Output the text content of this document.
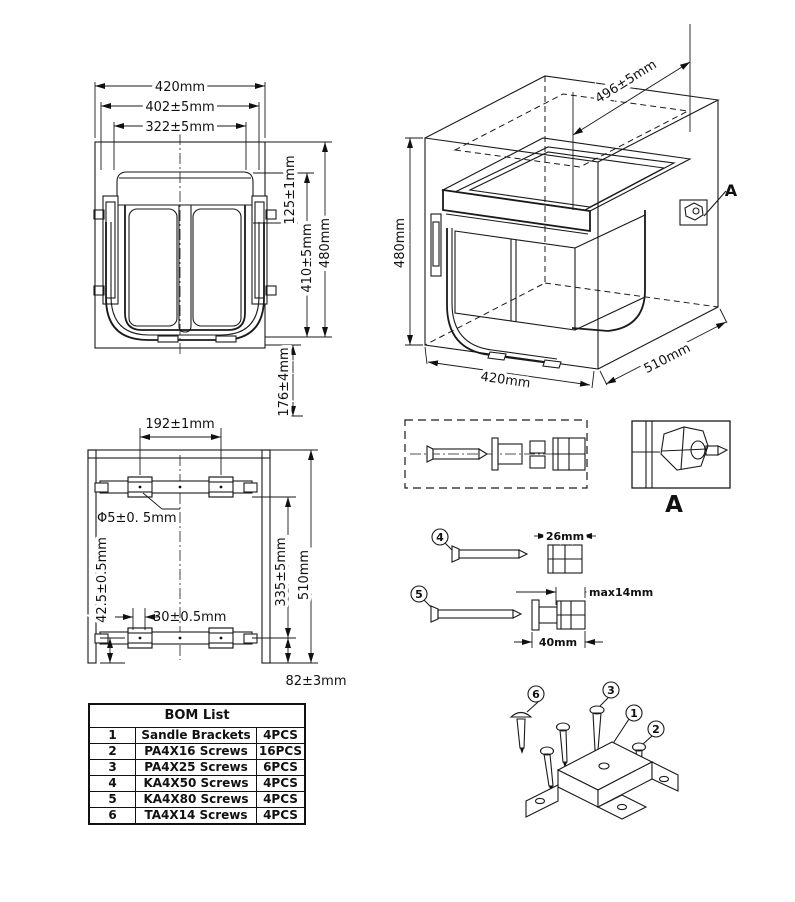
420mm
402±5mm
322±5mm
125±1mm
410±5mm 480mm
176±4mm
A
480mm
420mm
510mm
496±5mm
192±1mm
Φ5±0. 5mm
42.5±0.5mm	30±0.5mm
335±5mm 510mm
82±3mm
A
4	26mm
5	max14mm
40mm
6	3
1
2
BOM List		
1	Sandle Brackets	4PCS
2	PA4X16 Screws	16PCS
3	PA4X25 Screws	6PCS
4	KA4X50 Screws	4PCS
5	KA4X80 Screws	4PCS
6	TA4X14 Screws	4PCS
